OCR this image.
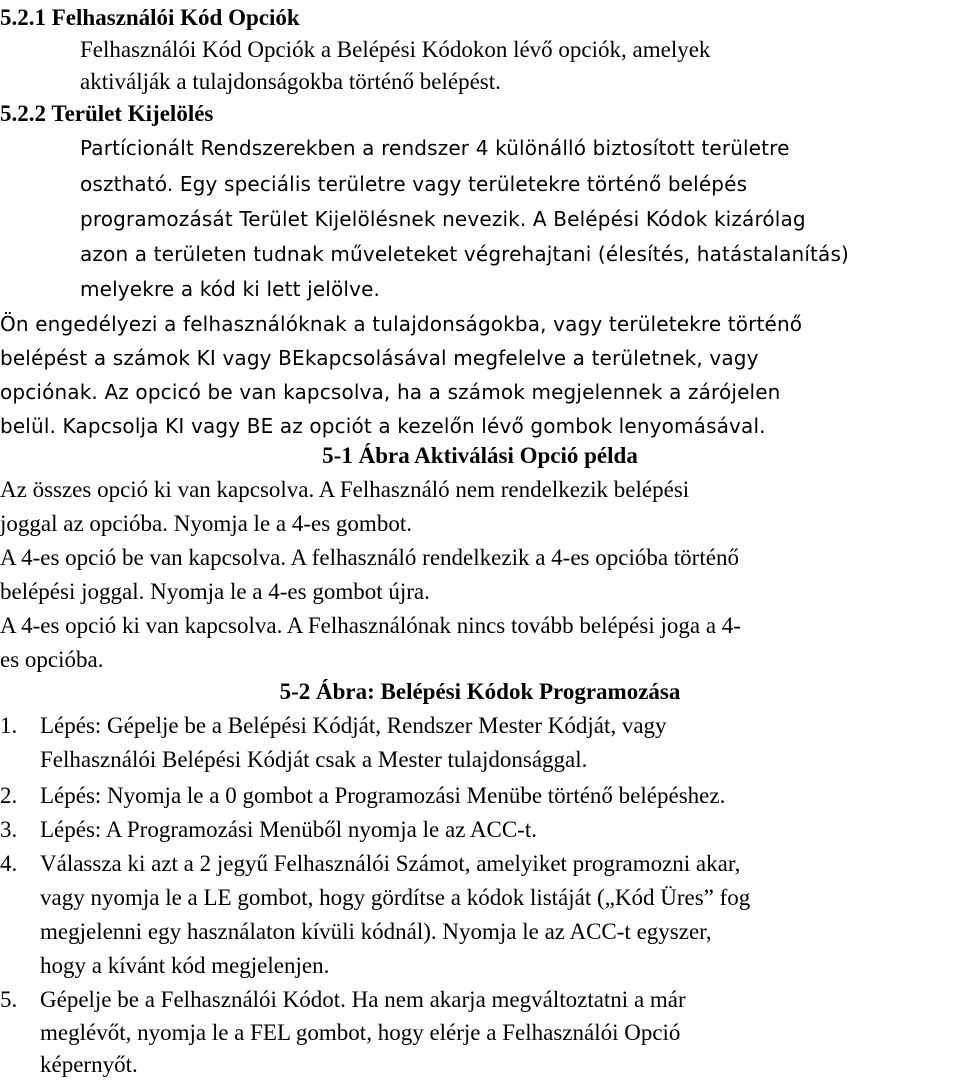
5.2.1 Felhasználói Kód Opciók
Felhasználói Kód Opciók a Belépési Kódokon lévő opciók, amelyek
aktiválják a tulajdonságokba történő belépést.
5.2.2 Terület Kijelölés
Partícionált Rendszerekben a rendszer 4 különálló biztosított területre
osztható. Egy speciális területre vagy területekre történő belépés
programozását Terület Kijelölésnek nevezik. A Belépési Kódok kizárólag
azon a területen tudnak műveleteket végrehajtani (élesítés, hatástalanítás)
melyekre a kód ki lett jelölve.
Ön engedélyezi a felhasználóknak a tulajdonságokba, vagy területekre történő
belépést a számok KI vagy BEkapcsolásával megfelelve a területnek, vagy
opciónak. Az opcicó be van kapcsolva, ha a számok megjelennek a zárójelen
belül. Kapcsolja KI vagy BE az opciót a kezelőn lévő gombok lenyomásával.
5-1 Ábra Aktiválási Opció példa
Az összes opció ki van kapcsolva. A Felhasználó nem rendelkezik belépési
joggal az opcióba. Nyomja le a 4-es gombot.
A 4-es opció be van kapcsolva. A felhasználó rendelkezik a 4-es opcióba történő
belépési joggal. Nyomja le a 4-es gombot újra.
A 4-es opció ki van kapcsolva. A Felhasználónak nincs tovább belépési joga a 4-
es opcióba.
5-2 Ábra: Belépési Kódok Programozása
1. Lépés: Gépelje be a Belépési Kódját, Rendszer Mester Kódját, vagy
Felhasználói Belépési Kódját csak a Mester tulajdonsággal.
2. Lépés: Nyomja le a 0 gombot a Programozási Menübe történő belépéshez.
3. Lépés: A Programozási Menüből nyomja le az ACC-t.
4. Válassza ki azt a 2 jegyű Felhasználói Számot, amelyiket programozni akar,
vagy nyomja le a LE gombot, hogy gördítse a kódok listáját („Kód Üres” fog
megjelenni egy használaton kívüli kódnál). Nyomja le az ACC-t egyszer,
hogy a kívánt kód megjelenjen.
5. Gépelje be a Felhasználói Kódot. Ha nem akarja megváltoztatni a már
meglévőt, nyomja le a FEL gombot, hogy elérje a Felhasználói Opció
képernyőt.
